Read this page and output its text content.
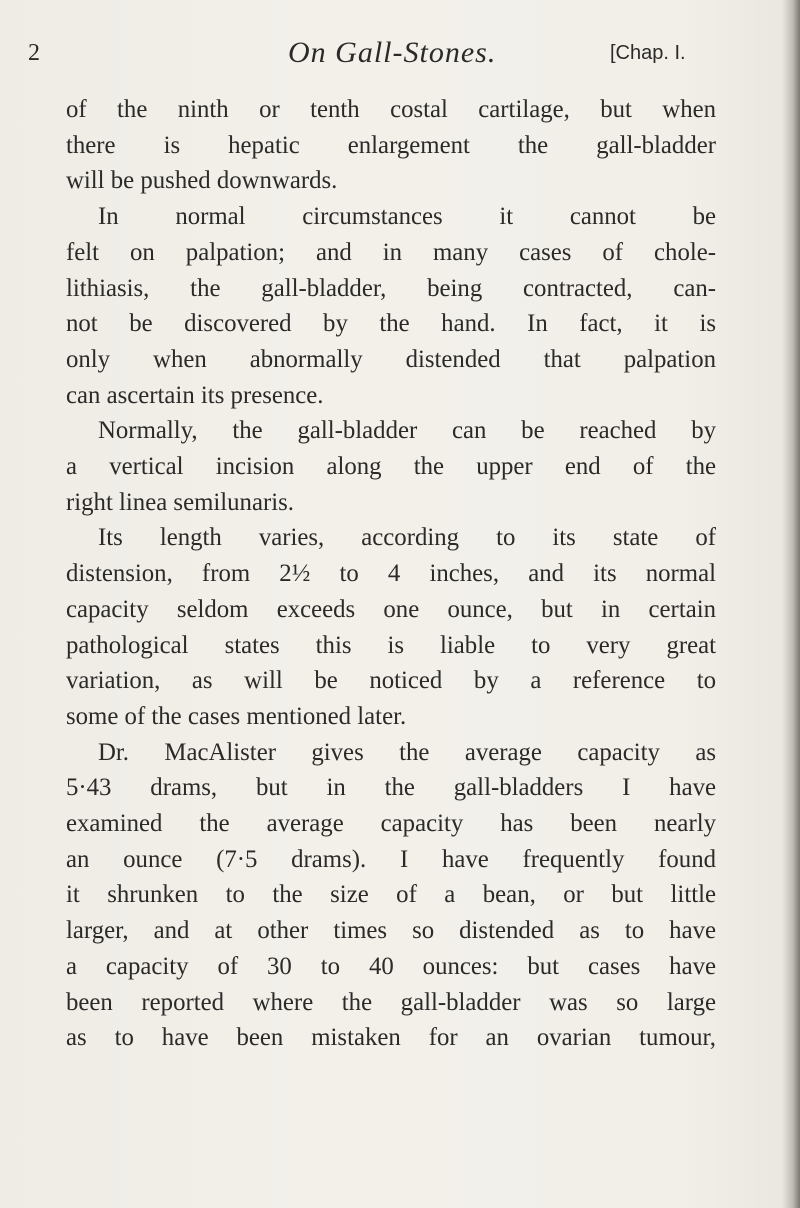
2	On Gall-Stones.	[Chap. I.
of the ninth or tenth costal cartilage, but when
there is hepatic enlargement the gall-bladder
will be pushed downwards.
In normal circumstances it cannot be
felt on palpation; and in many cases of chole-
lithiasis, the gall-bladder, being contracted, can-
not be discovered by the hand. In fact, it is
only when abnormally distended that palpation
can ascertain its presence.
Normally, the gall-bladder can be reached by
a vertical incision along the upper end of the
right linea semilunaris.
Its length varies, according to its state of
distension, from 2½ to 4 inches, and its normal
capacity seldom exceeds one ounce, but in certain
pathological states this is liable to very great
variation, as will be noticed by a reference to
some of the cases mentioned later.
Dr. MacAlister gives the average capacity as
5·43 drams, but in the gall-bladders I have
examined the average capacity has been nearly
an ounce (7·5 drams). I have frequently found
it shrunken to the size of a bean, or but little
larger, and at other times so distended as to have
a capacity of 30 to 40 ounces: but cases have
been reported where the gall-bladder was so large
as to have been mistaken for an ovarian tumour,
